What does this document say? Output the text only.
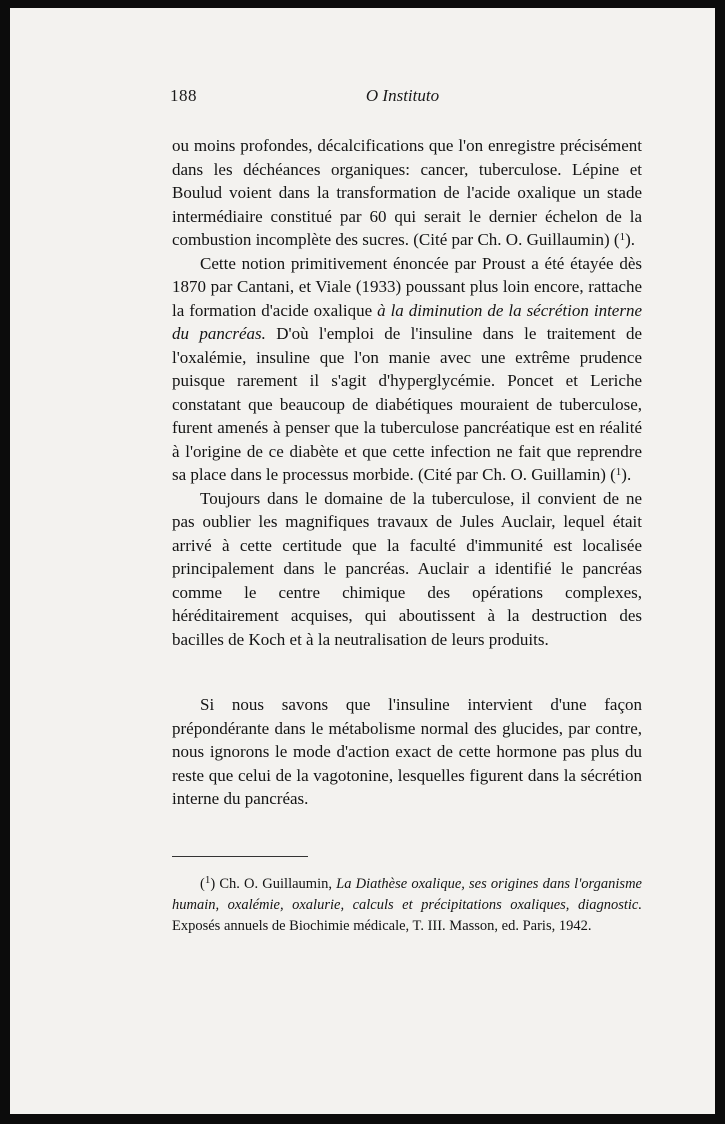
188	O Instituto

ou moins profondes, décalcifications que l'on enregistre précisément dans les déchéances organiques: cancer, tuberculose. Lépine et Boulud voient dans la transformation de l'acide oxalique un stade intermédiaire constitué par 60 qui serait le dernier échelon de la combustion incomplète des sucres. (Cité par Ch. O. Guillaumin) ($^1$).

Cette notion primitivement énoncée par Proust a été étayée dès 1870 par Cantani, et Viale (1933) poussant plus loin encore, rattache la formation d'acide oxalique à la diminution de la sécrétion interne du pancréas. D'où l'emploi de l'insuline dans le traitement de l'oxalémie, insuline que l'on manie avec une extrême prudence puisque rarement il s'agit d'hyperglycémie. Poncet et Leriche constatant que beaucoup de diabétiques mouraient de tuberculose, furent amenés à penser que la tuberculose pancréatique est en réalité à l'origine de ce diabète et que cette infection ne fait que reprendre sa place dans le processus morbide. (Cité par Ch. O. Guillamin) ($^1$).

Toujours dans le domaine de la tuberculose, il convient de ne pas oublier les magnifiques travaux de Jules Auclair, lequel était arrivé à cette certitude que la faculté d'immunité est localisée principalement dans le pancréas. Auclair a identifié le pancréas comme le centre chimique des opérations complexes, héréditairement acquises, qui aboutissent à la destruction des bacilles de Koch et à la neutralisation de leurs produits.

Si nous savons que l'insuline intervient d'une façon prépondérante dans le métabolisme normal des glucides, par contre, nous ignorons le mode d'action exact de cette hormone pas plus du reste que celui de la vagotonine, lesquelles figurent dans la sécrétion interne du pancréas.

($^1$) Ch. O. Guillaumin, La Diathèse oxalique, ses origines dans l'organisme humain, oxalémie, oxalurie, calculs et précipitations oxaliques, diagnostic. Exposés annuels de Biochimie médicale, T. III. Masson, ed. Paris, 1942.
